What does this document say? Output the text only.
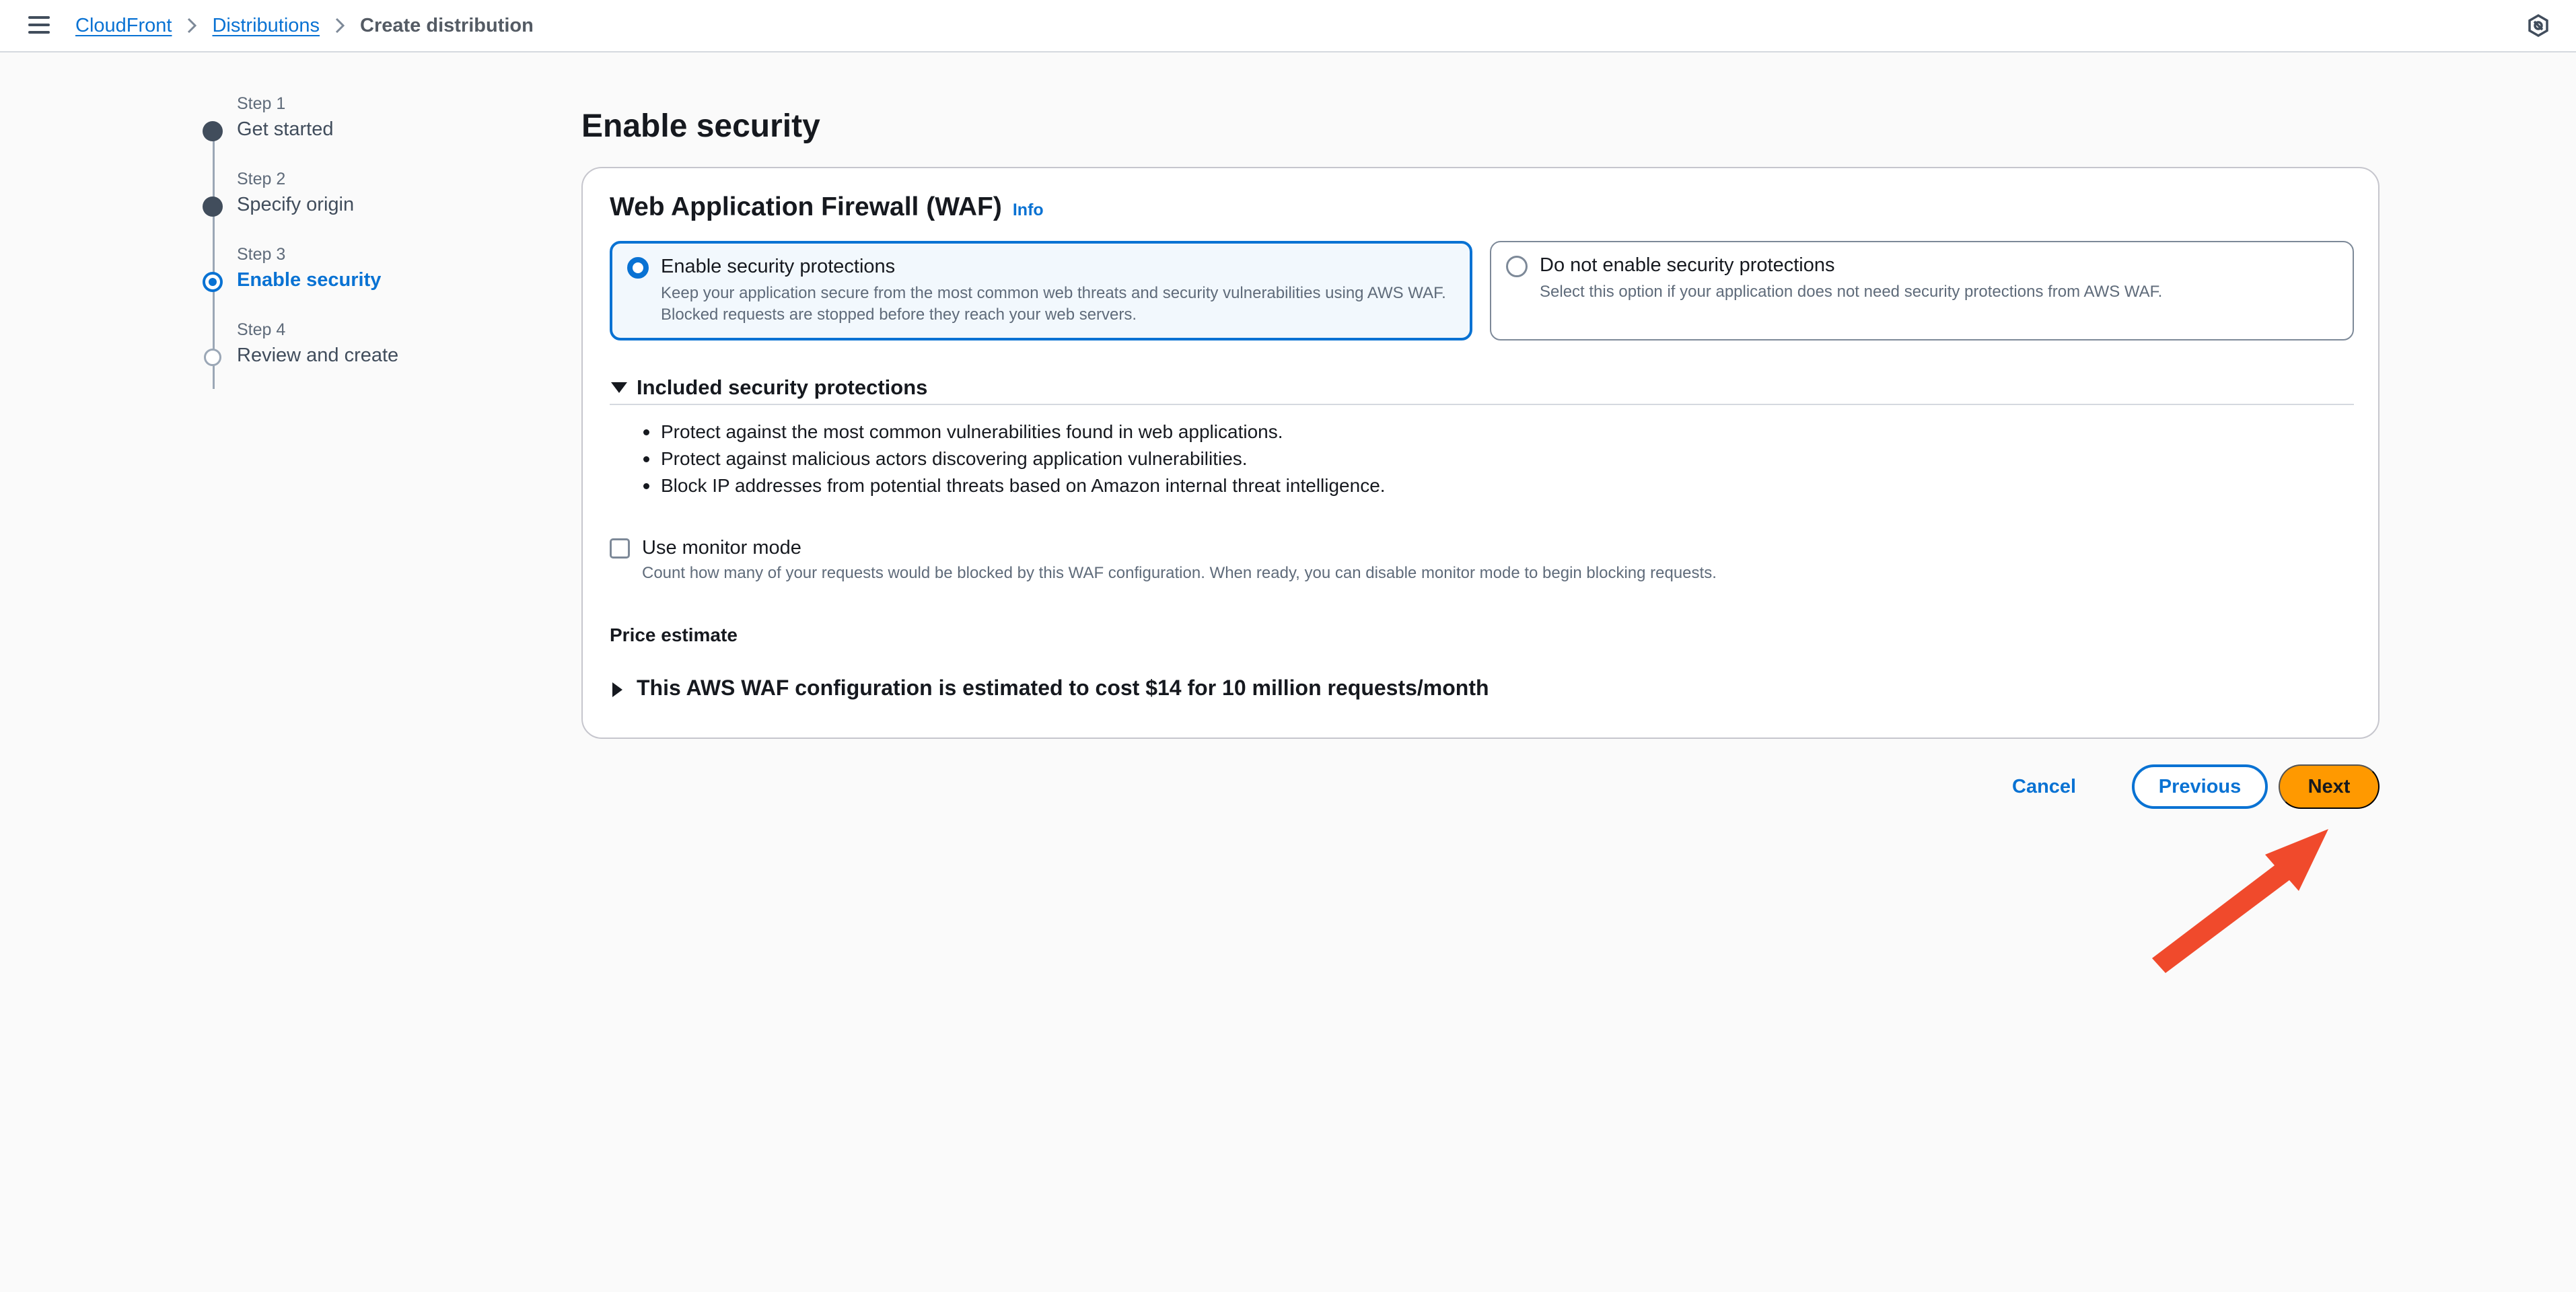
CloudFront Distributions Create distribution
Step 1
Get started
Step 2
Specify origin
Step 3
Enable security
Step 4
Review and create
Enable security
Web Application Firewall (WAF) Info
Enable security protections
Keep your application secure from the most common web threats and security vulnerabilities using AWS WAF. Blocked requests are stopped before they reach your web servers.
Do not enable security protections
Select this option if your application does not need security protections from AWS WAF.
Included security protections
Protect against the most common vulnerabilities found in web applications.
Protect against malicious actors discovering application vulnerabilities.
Block IP addresses from potential threats based on Amazon internal threat intelligence.
Use monitor mode
Count how many of your requests would be blocked by this WAF configuration. When ready, you can disable monitor mode to begin blocking requests.
Price estimate
This AWS WAF configuration is estimated to cost $14 for 10 million requests/month
Cancel	Previous	Next
